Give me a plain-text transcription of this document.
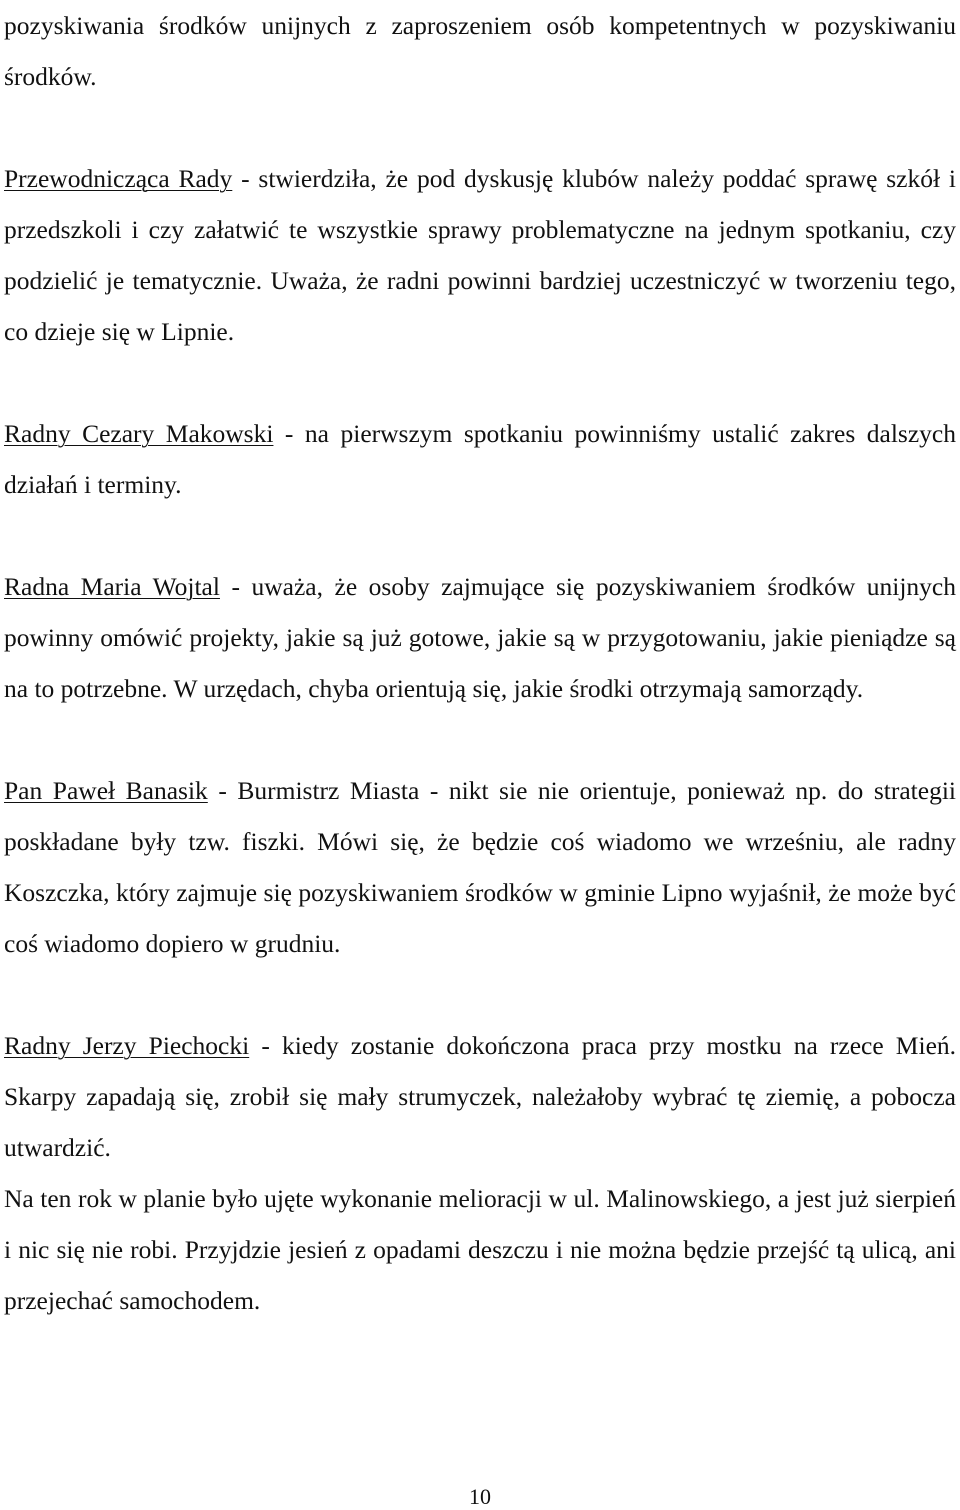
pozyskiwania środków unijnych z zaproszeniem osób kompetentnych w pozyskiwaniu środków.

Przewodnicząca Rady - stwierdziła, że pod dyskusję klubów należy poddać sprawę szkół i przedszkoli i czy załatwić te wszystkie sprawy problematyczne na jednym spotkaniu, czy podzielić je tematycznie. Uważa, że radni powinni bardziej uczestniczyć w tworzeniu tego, co dzieje się w Lipnie.

Radny Cezary Makowski - na pierwszym spotkaniu powinniśmy ustalić zakres dalszych działań i terminy.

Radna Maria Wojtal - uważa, że osoby zajmujące się pozyskiwaniem środków unijnych powinny omówić projekty, jakie są już gotowe, jakie są w przygotowaniu, jakie pieniądze są na to potrzebne. W urzędach, chyba orientują się, jakie środki otrzymają samorządy.

Pan Paweł Banasik - Burmistrz Miasta - nikt sie nie orientuje, ponieważ np. do strategii poskładane były tzw. fiszki. Mówi się, że będzie coś wiadomo we wrześniu, ale radny Koszczka, który zajmuje się pozyskiwaniem środków w gminie Lipno wyjaśnił, że może być coś wiadomo dopiero w grudniu.

Radny Jerzy Piechocki - kiedy zostanie dokończona praca przy mostku na rzece Mień. Skarpy zapadają się, zrobił się mały strumyczek, należałoby wybrać tę ziemię, a pobocza utwardzić.

Na ten rok w planie było ujęte wykonanie melioracji w ul. Malinowskiego, a jest już sierpień i nic się nie robi. Przyjdzie jesień z opadami deszczu i nie można będzie przejść tą ulicą, ani przejechać samochodem.

10
